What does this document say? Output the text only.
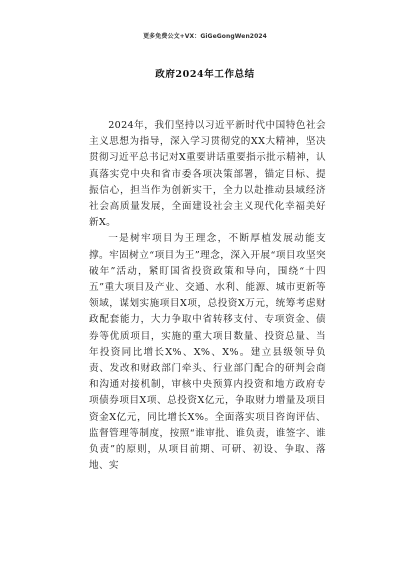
更多免费公文+VX：GiGeGongWen2024
政府2024年工作总结

2024年，我们坚持以习近平新时代中国特色社会主义思想为指导，深入学习贯彻党的XX大精神，坚决贯彻习近平总书记对X重要讲话重要指示批示精神，认真落实党中央和省市委各项决策部署，锚定目标、提振信心，担当作为创新实干，全力以赴推动县域经济社会高质量发展，全面建设社会主义现代化幸福美好新X。

一是树牢项目为王理念，不断厚植发展动能支撑。牢固树立“项目为王”理念，深入开展“项目攻坚突破年”活动，紧盯国省投资政策和导向，围绕“十四五”重大项目及产业、交通、水利、能源、城市更新等领域，谋划实施项目X项，总投资X万元，统筹考虑财政配套能力，大力争取中省转移支付、专项资金、债券等优质项目，实施的重大项目数量、投资总量、当年投资同比增长X%、X%、X%。建立县级领导负责、发改和财政部门牵头、行业部门配合的研判会商和沟通对接机制，审核中央预算内投资和地方政府专项债券项目X项、总投资X亿元，争取财力增量及项目资金X亿元，同比增长X%。全面落实项目咨询评估、监督管理等制度，按照“谁审批、谁负责，谁签字、谁负责”的原则，从项目前期、可研、初设、争取、落地、实
